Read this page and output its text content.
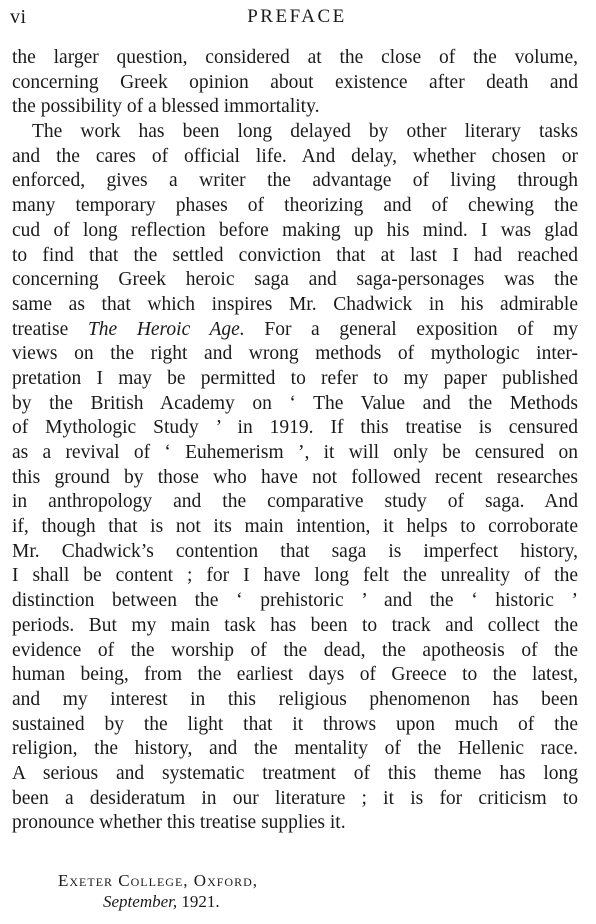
vi	PREFACE
the larger question, considered at the close of the volume,
concerning Greek opinion about existence after death and
the possibility of a blessed immortality.
The work has been long delayed by other literary tasks
and the cares of official life. And delay, whether chosen or
enforced, gives a writer the advantage of living through
many temporary phases of theorizing and of chewing the
cud of long reflection before making up his mind. I was glad
to find that the settled conviction that at last I had reached
concerning Greek heroic saga and saga-personages was the
same as that which inspires Mr. Chadwick in his admirable
treatise The Heroic Age. For a general exposition of my
views on the right and wrong methods of mythologic inter-
pretation I may be permitted to refer to my paper published
by the British Academy on ‘ The Value and the Methods
of Mythologic Study ’ in 1919. If this treatise is censured
as a revival of ‘ Euhemerism ’, it will only be censured on
this ground by those who have not followed recent researches
in anthropology and the comparative study of saga. And
if, though that is not its main intention, it helps to corroborate
Mr. Chadwick’s contention that saga is imperfect history,
I shall be content ; for I have long felt the unreality of the
distinction between the ‘ prehistoric ’ and the ‘ historic ’
periods. But my main task has been to track and collect the
evidence of the worship of the dead, the apotheosis of the
human being, from the earliest days of Greece to the latest,
and my interest in this religious phenomenon has been
sustained by the light that it throws upon much of the
religion, the history, and the mentality of the Hellenic race.
A serious and systematic treatment of this theme has long
been a desideratum in our literature ; it is for criticism to
pronounce whether this treatise supplies it.
Exeter College, Oxford,
September, 1921.
